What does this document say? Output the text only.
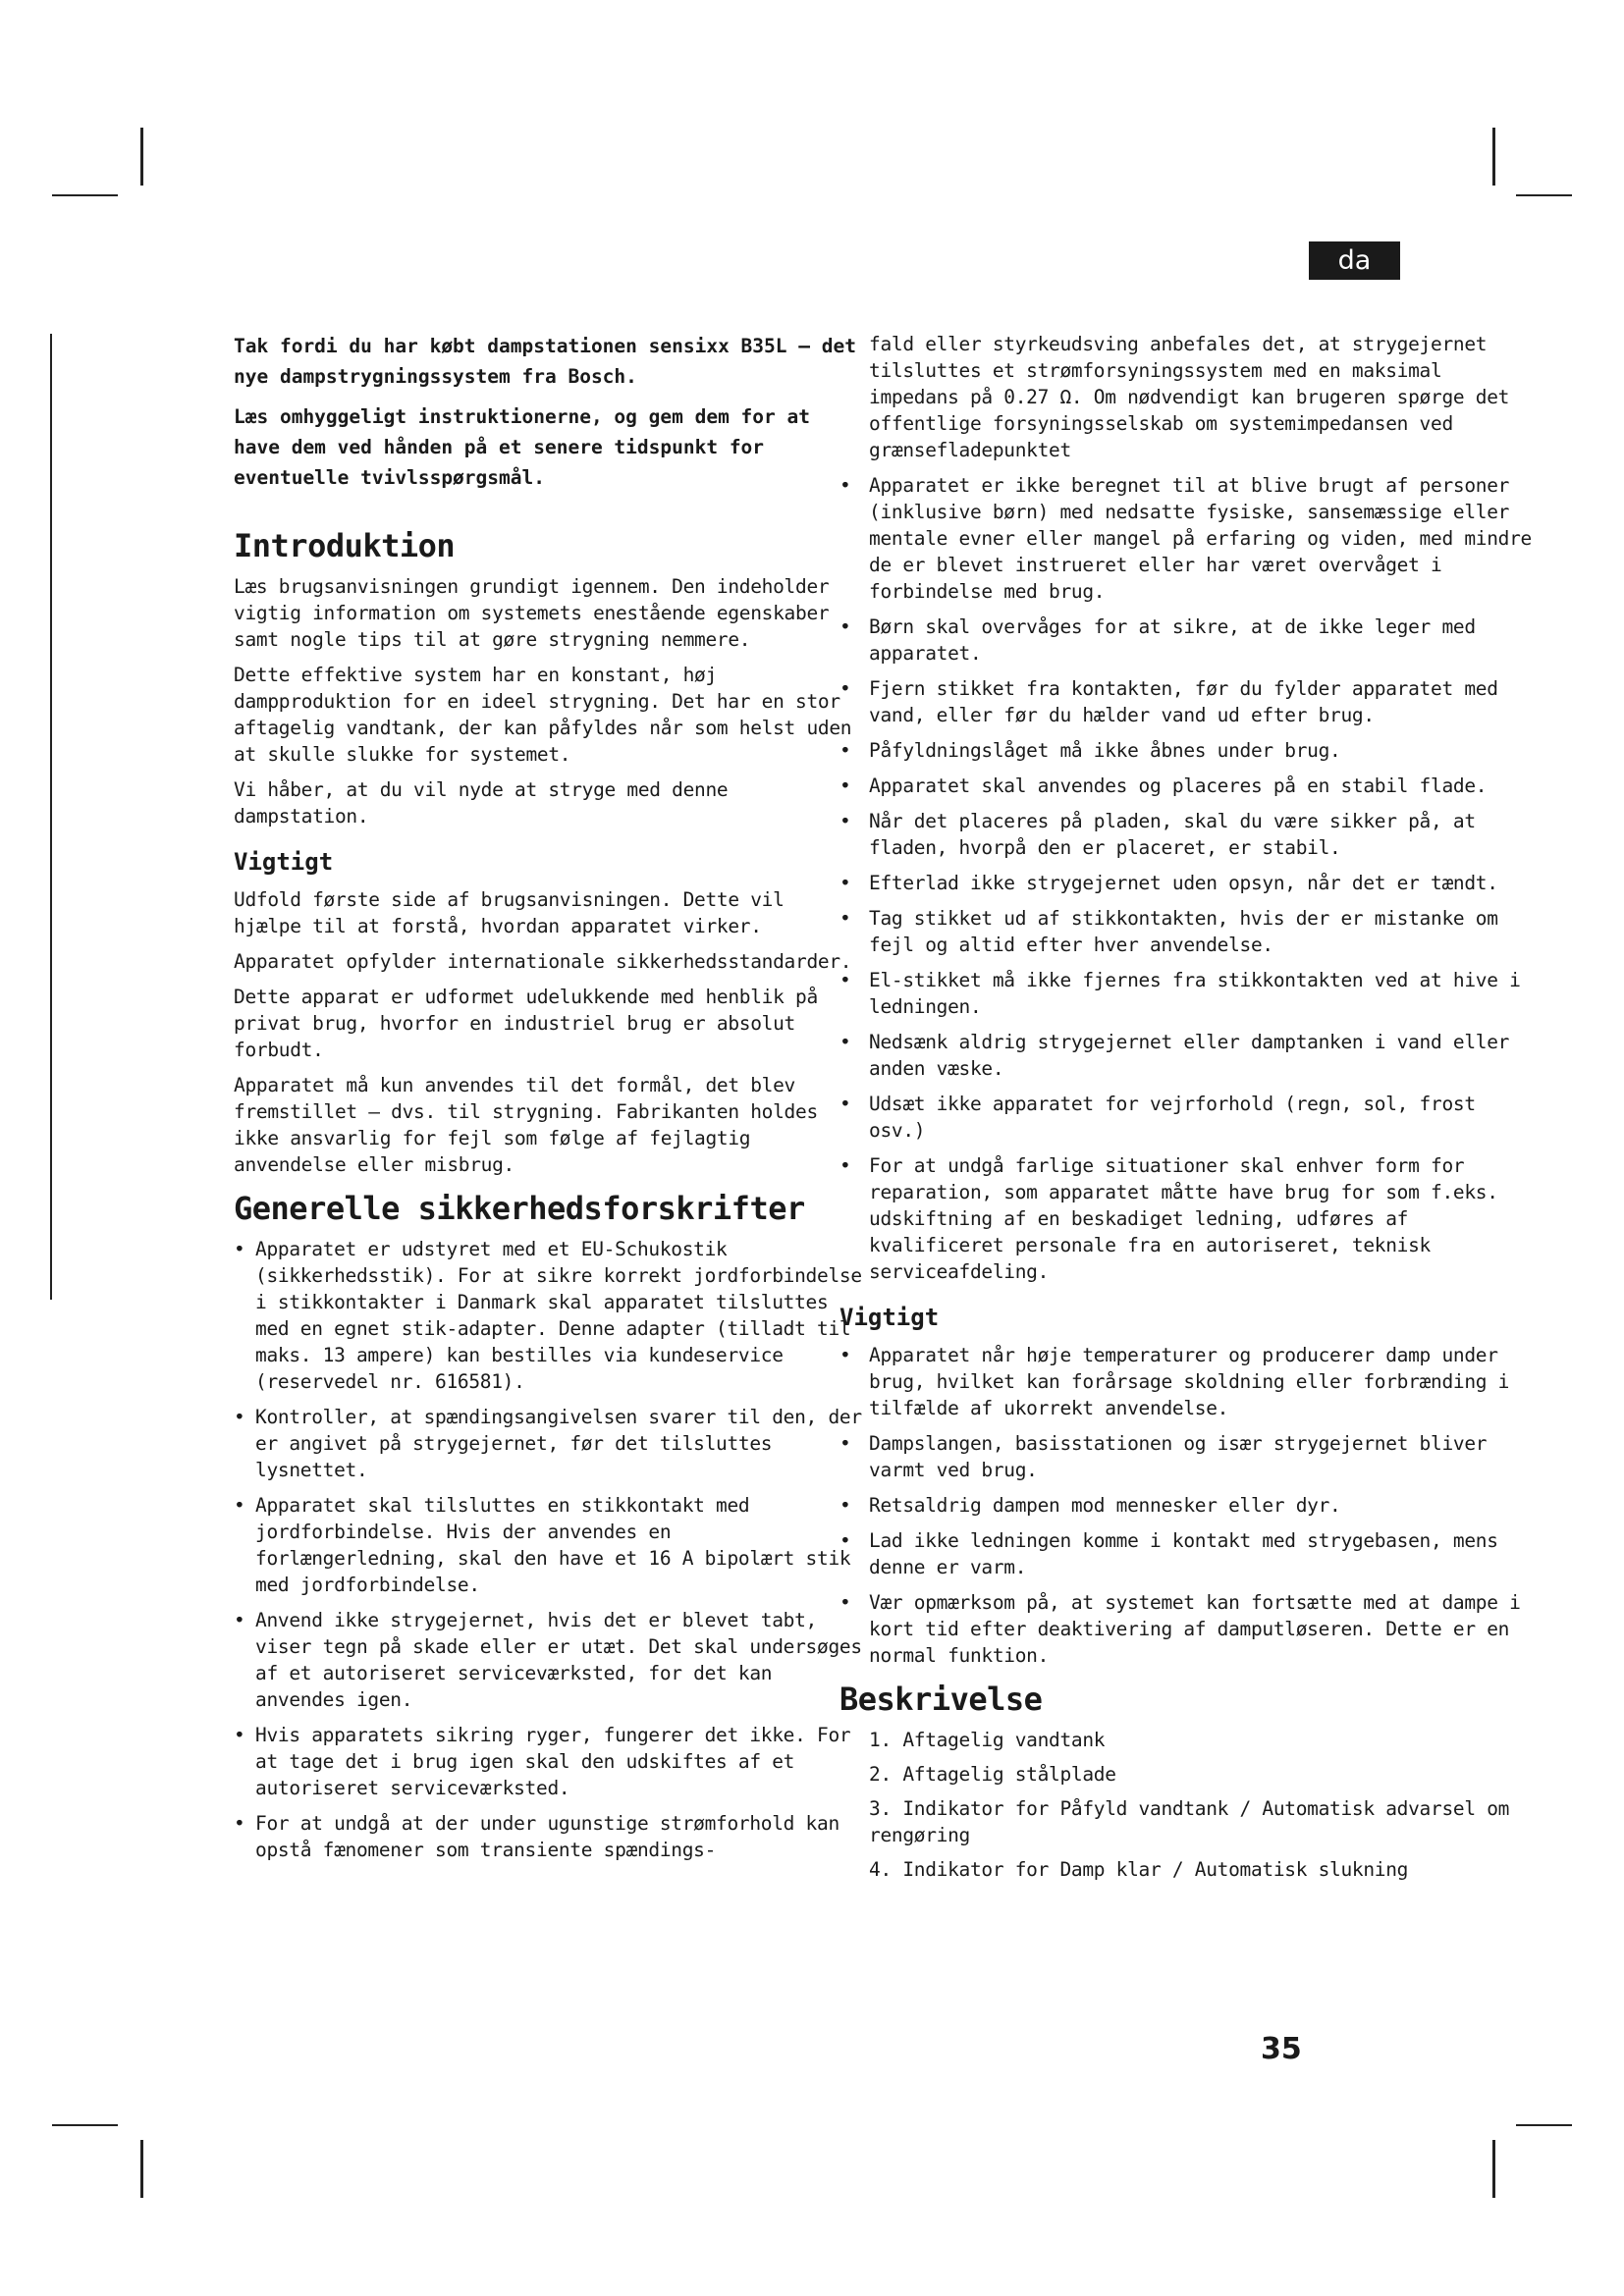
da

Tak fordi du har købt dampstationen sensixx B35L – det nye dampstrygningssystem fra Bosch.

Læs omhyggeligt instruktionerne, og gem dem for at have dem ved hånden på et senere tidspunkt for eventuelle tvivlsspørgsmål.

Introduktion

Læs brugsanvisningen grundigt igennem. Den indeholder vigtig information om systemets enestående egenskaber samt nogle tips til at gøre strygning nemmere.

Dette effektive system har en konstant, høj dampproduktion for en ideel strygning. Det har en stor aftagelig vandtank, der kan påfyldes når som helst uden at skulle slukke for systemet.

Vi håber, at du vil nyde at stryge med denne dampstation.

Vigtigt

Udfold første side af brugsanvisningen. Dette vil hjælpe til at forstå, hvordan apparatet virker.

Apparatet opfylder internationale sikkerhedsstandarder.

Dette apparat er udformet udelukkende med henblik på privat brug, hvorfor en industriel brug er absolut forbudt.

Apparatet må kun anvendes til det formål, det blev fremstillet – dvs. til strygning. Fabrikanten holdes ikke ansvarlig for fejl som følge af fejlagtig anvendelse eller misbrug.

Generelle sikkerhedsforskrifter
• Apparatet er udstyret med et EU-Schukostik (sikkerhedsstik). For at sikre korrekt jordforbindelse i stikkontakter i Danmark skal apparatet tilsluttes med en egnet stik-adapter. Denne adapter (tilladt til maks. 13 ampere) kan bestilles via kundeservice (reservedel nr. 616581).
• Kontroller, at spændingsangivelsen svarer til den, der er angivet på strygejernet, før det tilsluttes lysnettet.
• Apparatet skal tilsluttes en stikkontakt med jordforbindelse. Hvis der anvendes en forlængerledning, skal den have et 16 A bipolært stik med jordforbindelse.
• Anvend ikke strygejernet, hvis det er blevet tabt, viser tegn på skade eller er utæt. Det skal undersøges af et autoriseret serviceværksted, for det kan anvendes igen.
• Hvis apparatets sikring ryger, fungerer det ikke. For at tage det i brug igen skal den udskiftes af et autoriseret serviceværksted.
• For at undgå at der under ugunstige strømforhold kan opstå fænomener som transiente spændings-

fald eller styrkeudsving anbefales det, at strygejernet tilsluttes et strømforsyningssystem med en maksimal impedans på 0.27 Ω. Om nødvendigt kan brugeren spørge det offentlige forsyningsselskab om systemimpedansen ved grænsefladepunktet

• Apparatet er ikke beregnet til at blive brugt af personer (inklusive børn) med nedsatte fysiske, sansemæssige eller mentale evner eller mangel på erfaring og viden, med mindre de er blevet instrueret eller har været overvåget i forbindelse med brug.
• Børn skal overvåges for at sikre, at de ikke leger med apparatet.
• Fjern stikket fra kontakten, før du fylder apparatet med vand, eller før du hælder vand ud efter brug.
• Påfyldningslåget må ikke åbnes under brug.
• Apparatet skal anvendes og placeres på en stabil flade.
• Når det placeres på pladen, skal du være sikker på, at fladen, hvorpå den er placeret, er stabil.
• Efterlad ikke strygejernet uden opsyn, når det er tændt.
• Tag stikket ud af stikkontakten, hvis der er mistanke om fejl og altid efter hver anvendelse.
• El-stikket må ikke fjernes fra stikkontakten ved at hive i ledningen.
• Nedsænk aldrig strygejernet eller damptanken i vand eller anden væske.
• Udsæt ikke apparatet for vejrforhold (regn, sol, frost osv.)
• For at undgå farlige situationer skal enhver form for reparation, som apparatet måtte have brug for som f.eks. udskiftning af en beskadiget ledning, udføres af kvalificeret personale fra en autoriseret, teknisk serviceafdeling.
Vigtigt
• Apparatet når høje temperaturer og producerer damp under brug, hvilket kan forårsage skoldning eller forbrænding i tilfælde af ukorrekt anvendelse.
• Dampslangen, basisstationen og især strygejernet bliver varmt ved brug.
• Retsaldrig dampen mod mennesker eller dyr.
• Lad ikke ledningen komme i kontakt med strygebasen, mens denne er varm.
• Vær opmærksom på, at systemet kan fortsætte med at dampe i kort tid efter deaktivering af damputløseren. Dette er en normal funktion.
Beskrivelse
1. Aftagelig vandtank
2. Aftagelig stålplade
3. Indikator for Påfyld vandtank / Automatisk advarsel om rengøring
4. Indikator for Damp klar / Automatisk slukning
35
